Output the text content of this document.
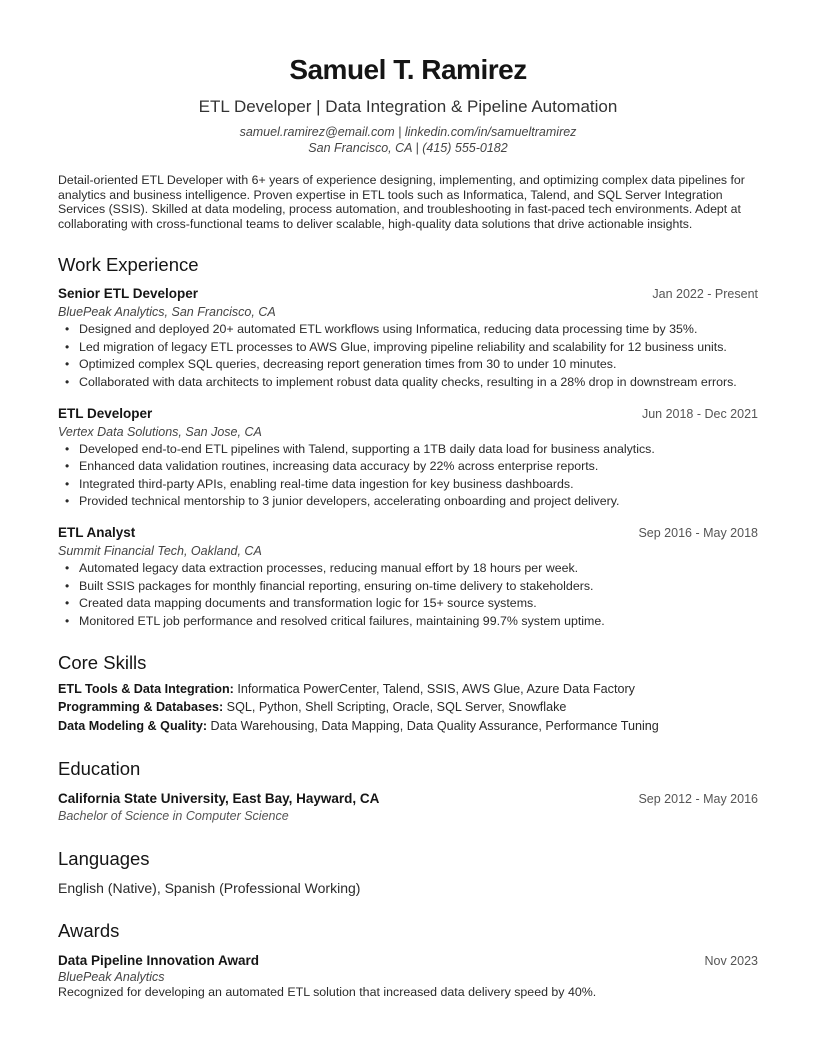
Samuel T. Ramirez
ETL Developer | Data Integration & Pipeline Automation
samuel.ramirez@email.com | linkedin.com/in/samueltramirez
San Francisco, CA | (415) 555-0182
Detail-oriented ETL Developer with 6+ years of experience designing, implementing, and optimizing complex data pipelines for analytics and business intelligence. Proven expertise in ETL tools such as Informatica, Talend, and SQL Server Integration Services (SSIS). Skilled at data modeling, process automation, and troubleshooting in fast-paced tech environments. Adept at collaborating with cross-functional teams to deliver scalable, high-quality data solutions that drive actionable insights.
Work Experience
Senior ETL Developer	Jan 2022 - Present
BluePeak Analytics, San Francisco, CA
• Designed and deployed 20+ automated ETL workflows using Informatica, reducing data processing time by 35%.
• Led migration of legacy ETL processes to AWS Glue, improving pipeline reliability and scalability for 12 business units.
• Optimized complex SQL queries, decreasing report generation times from 30 to under 10 minutes.
• Collaborated with data architects to implement robust data quality checks, resulting in a 28% drop in downstream errors.
ETL Developer	Jun 2018 - Dec 2021
Vertex Data Solutions, San Jose, CA
• Developed end-to-end ETL pipelines with Talend, supporting a 1TB daily data load for business analytics.
• Enhanced data validation routines, increasing data accuracy by 22% across enterprise reports.
• Integrated third-party APIs, enabling real-time data ingestion for key business dashboards.
• Provided technical mentorship to 3 junior developers, accelerating onboarding and project delivery.
ETL Analyst	Sep 2016 - May 2018
Summit Financial Tech, Oakland, CA
• Automated legacy data extraction processes, reducing manual effort by 18 hours per week.
• Built SSIS packages for monthly financial reporting, ensuring on-time delivery to stakeholders.
• Created data mapping documents and transformation logic for 15+ source systems.
• Monitored ETL job performance and resolved critical failures, maintaining 99.7% system uptime.
Core Skills
ETL Tools & Data Integration: Informatica PowerCenter, Talend, SSIS, AWS Glue, Azure Data Factory
Programming & Databases: SQL, Python, Shell Scripting, Oracle, SQL Server, Snowflake
Data Modeling & Quality: Data Warehousing, Data Mapping, Data Quality Assurance, Performance Tuning
Education
California State University, East Bay, Hayward, CA	Sep 2012 - May 2016
Bachelor of Science in Computer Science
Languages
English (Native), Spanish (Professional Working)
Awards
Data Pipeline Innovation Award	Nov 2023
BluePeak Analytics
Recognized for developing an automated ETL solution that increased data delivery speed by 40%.
